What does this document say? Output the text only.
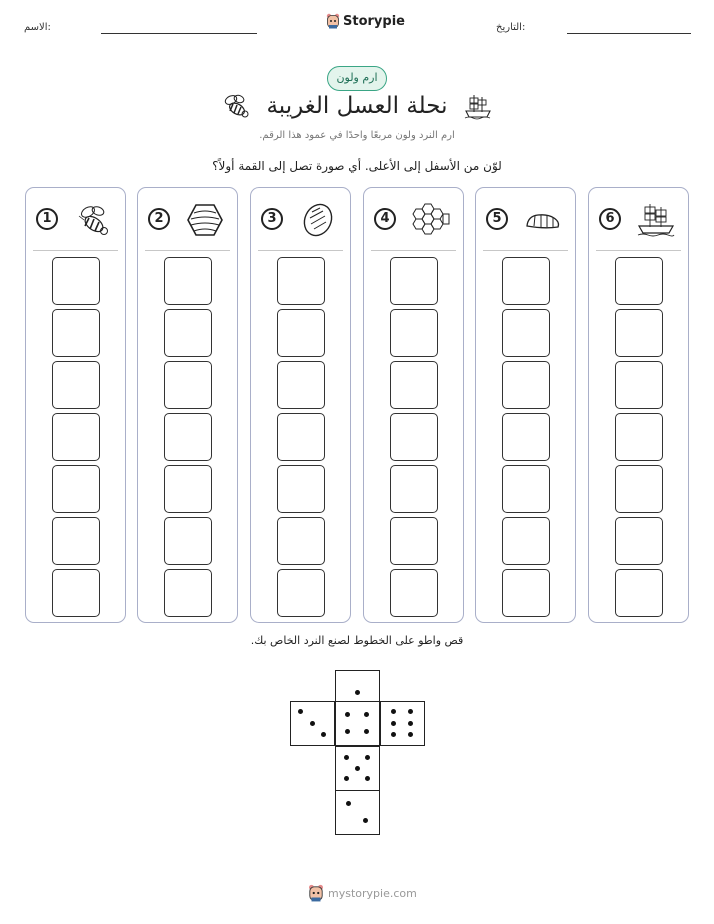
الاسم:	التاريخ:
Storypie
ارم ولون
نحلة العسل الغريبة
ارم النرد ولون مربعًا واحدًا في عمود هذا الرقم.
لوّن من الأسفل إلى الأعلى. أي صورة تصل إلى القمة أولاً؟
6
5
4
3
2
1
قص واطو على الخطوط لصنع النرد الخاص بك.
mystorypie.com
